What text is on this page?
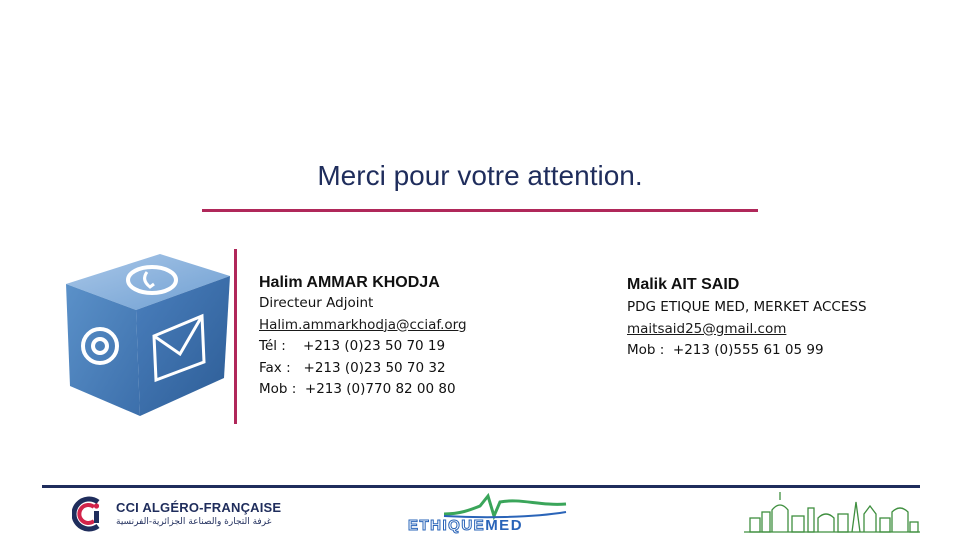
Merci pour votre attention.
Halim AMMAR KHODJA
Directeur Adjoint
Halim.ammarkhodja@cciaf.org
Tél :    +213 (0)23 50 70 19
Fax :   +213 (0)23 50 70 32
Mob :  +213 (0)770 82 00 80
Malik AIT SAID
PDG ETIQUE MED, MERKET ACCESS
maitsaid25@gmail.com
Mob :  +213 (0)555 61 05 99
CCI ALGÉRO-FRANÇAISE
غرفة التجارة والصناعة الجزائرية-الفرنسية	ETHIQUEMED
